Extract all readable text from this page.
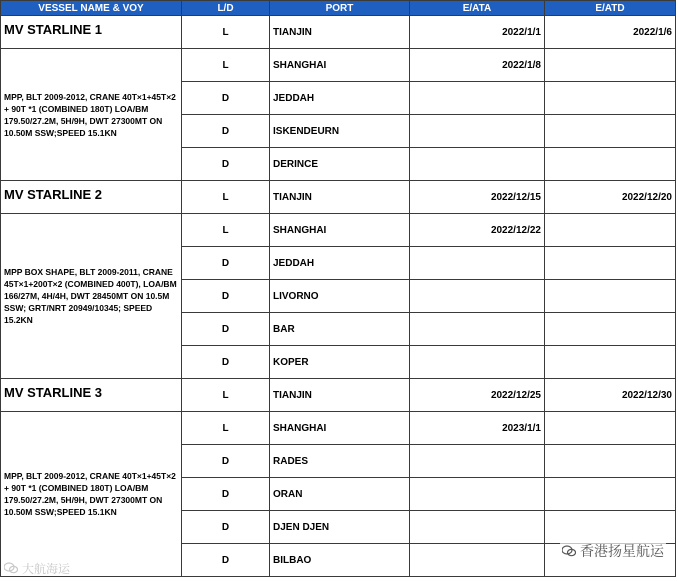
VESSEL NAME & VOY	L/D	PORT	E/ATA	E/ATD
MV STARLINE 1	L	TIANJIN	2022/1/1	2022/1/6
MPP, BLT 2009-2012, CRANE 40T×1+45T×2 + 90T *1 (COMBINED 180T) LOA/BM 179.50/27.2M, 5H/9H, DWT 27300MT ON 10.50M SSW;SPEED 15.1KN	L	SHANGHAI	2022/1/8	
	D	JEDDAH		
	D	ISKENDEURN		
	D	DERINCE		
MV STARLINE 2	L	TIANJIN	2022/12/15	2022/12/20
MPP BOX SHAPE, BLT 2009-2011, CRANE 45T×1+200T×2 (COMBINED 400T), LOA/BM 166/27M, 4H/4H, DWT 28450MT ON 10.5M SSW; GRT/NRT 20949/10345; SPEED 15.2KN	L	SHANGHAI	2022/12/22	
	D	JEDDAH		
	D	LIVORNO		
	D	BAR		
	D	KOPER		
MV STARLINE 3	L	TIANJIN	2022/12/25	2022/12/30
MPP, BLT 2009-2012, CRANE 40T×1+45T×2 + 90T *1 (COMBINED 180T) LOA/BM 179.50/27.2M, 5H/9H, DWT 27300MT ON 10.50M SSW;SPEED 15.1KN	L	SHANGHAI	2023/1/1	
	D	RADES		
	D	ORAN		
	D	DJEN DJEN		
	D	BILBAO		
大航海运
香港扬星航运
